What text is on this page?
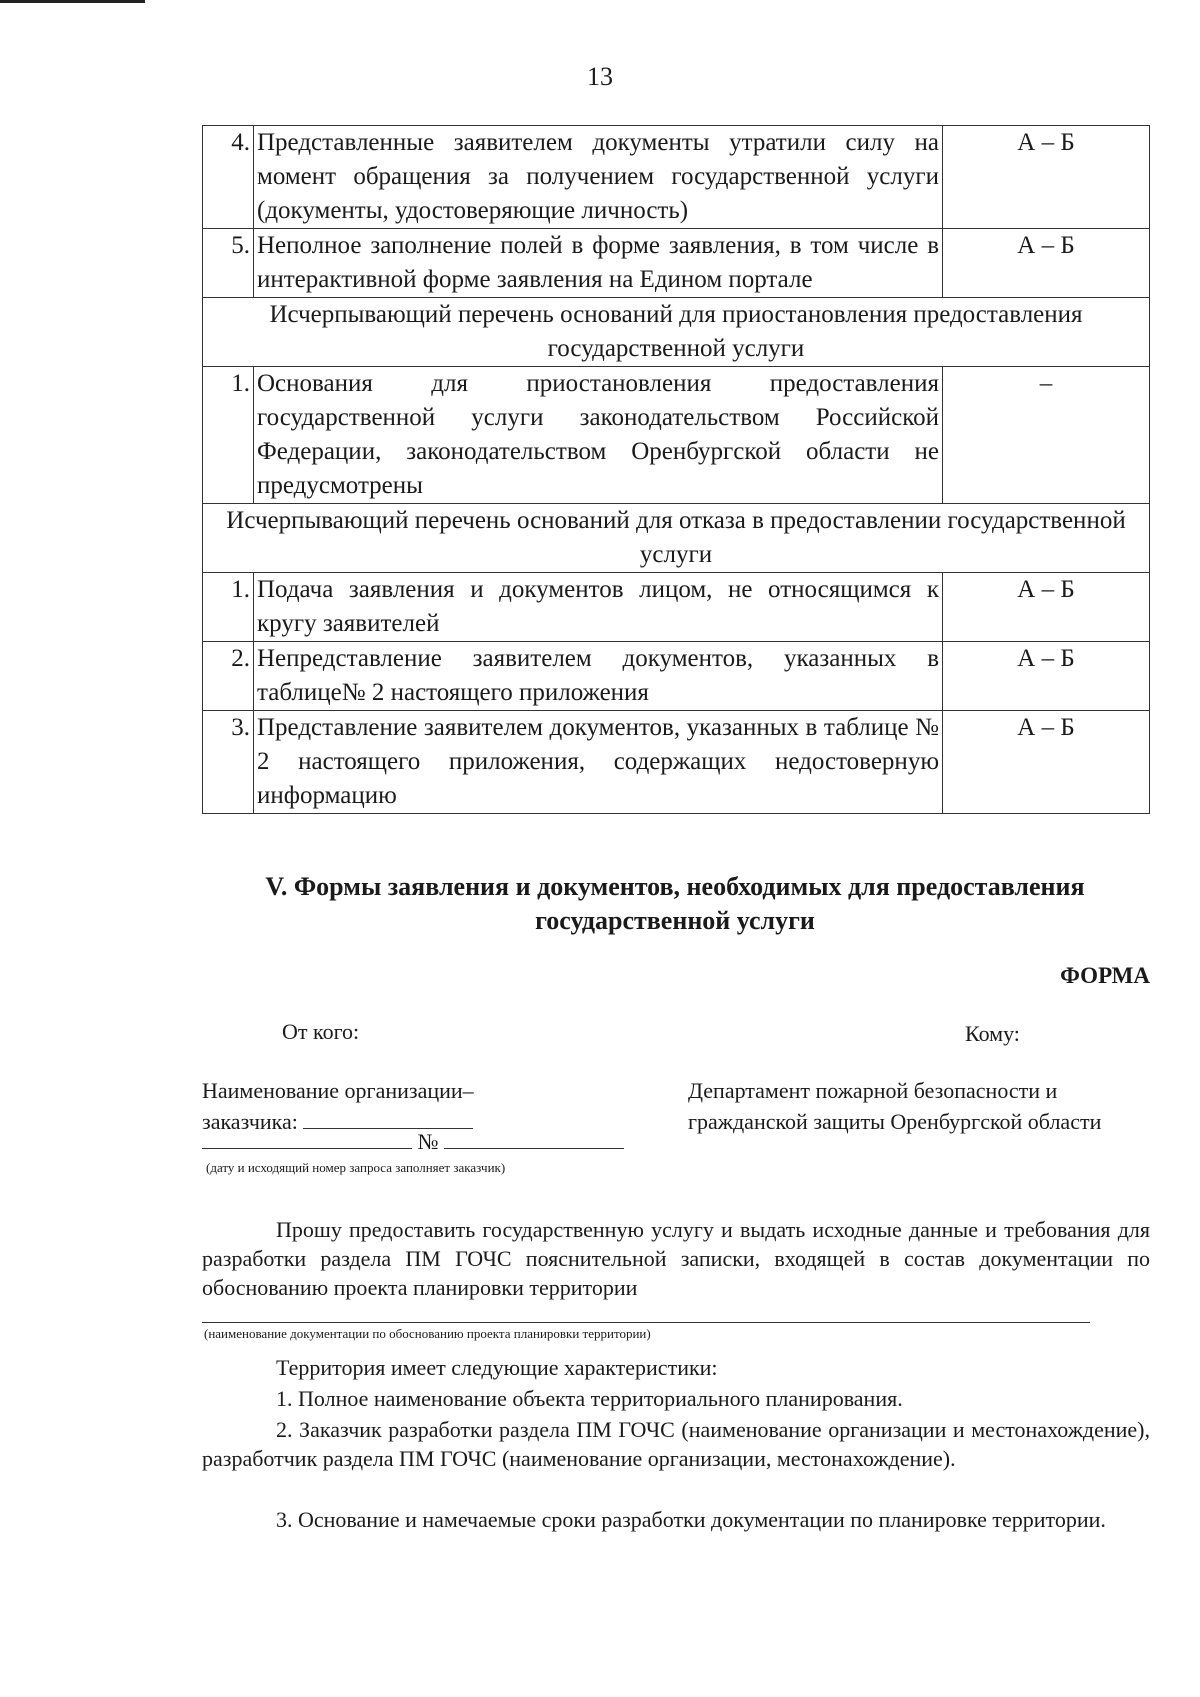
13
4.	Представленные заявителем документы утратили силу на момент обращения за получением государственной услуги (документы, удостоверяющие личность)	А – Б
5.	Неполное заполнение полей в форме заявления, в том числе в интерактивной форме заявления на Едином портале	А – Б
Исчерпывающий перечень оснований для приостановления предоставления государственной услуги		
1.	Основания для приостановления предоставления государственной услуги законодательством Российской Федерации, законодательством Оренбургской области не предусмотрены	–
Исчерпывающий перечень оснований для отказа в предоставлении государственной услуги		
1.	Подача заявления и документов лицом, не относящимся к кругу заявителей	А – Б
2.	Непредставление заявителем документов, указанных в таблице№ 2 настоящего приложения	А – Б
3.	Представление заявителем документов, указанных в таблице № 2 настоящего приложения, содержащих недостоверную информацию	А – Б
V. Формы заявления и документов, необходимых для предоставления государственной услуги
ФОРМА
От кого:	Кому:
Наименование организации–
заказчика:
Департамент пожарной безопасности и
гражданской защиты Оренбургской области
№
(дату и исходящий номер запроса заполняет заказчик)
Прошу предоставить государственную услугу и выдать исходные данные и требования для разработки раздела ПМ ГОЧС пояснительной записки, входящей в состав документации по обоснованию проекта планировки территории
(наименование документации по обоснованию проекта планировки территории)
Территория имеет следующие характеристики:
1. Полное наименование объекта территориального планирования.
2. Заказчик разработки раздела ПМ ГОЧС (наименование организации и местонахождение), разработчик раздела ПМ ГОЧС (наименование организации, местонахождение).
3. Основание и намечаемые сроки разработки документации по планировке территории.
